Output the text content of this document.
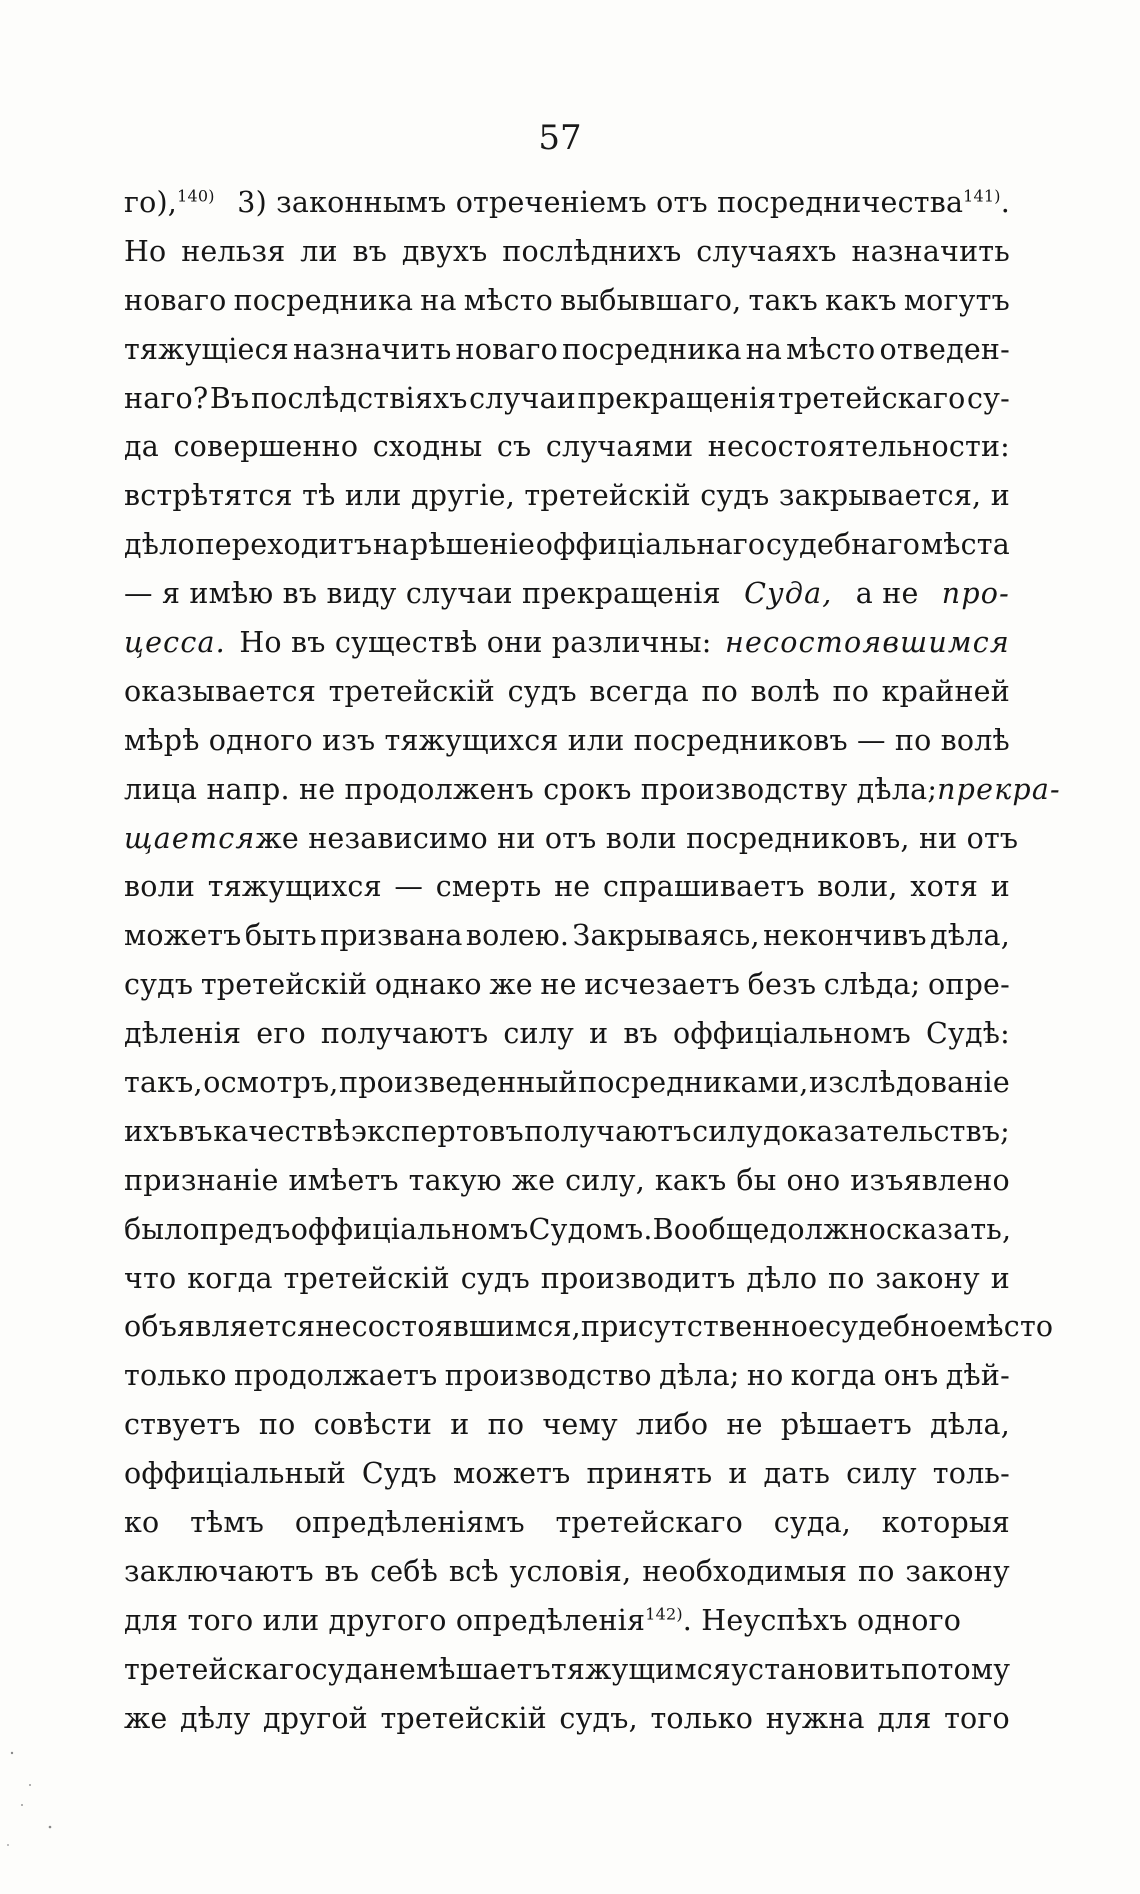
57
го),$^{140)}$ 3) законнымъ отреченіемъ отъ посредничества$^{141)}$.
Но нельзя ли въ двухъ послѣднихъ случаяхъ назначить
новаго посредника на мѣсто выбывшаго, такъ какъ могутъ
тяжущіеся назначить новаго посредника на мѣсто отведен-
наго? Въ послѣдствіяхъ случаи прекращенія третейскаго су-
да совершенно сходны съ случаями несостоятельности:
встрѣтятся тѣ или другіе, третейскій судъ закрывается, и
дѣло переходитъ на рѣшеніе оффиціальнаго судебнаго мѣста
— я имѣю въ виду случаи прекращенія Суда, а не про-
цесса. Но въ существѣ они различны: несостоявшимся
оказывается третейскій судъ всегда по волѣ по крайней
мѣрѣ одного изъ тяжущихся или посредниковъ — по волѣ
лица напр. не продолженъ срокъ производству дѣла; прекра-
щается же независимо ни отъ воли посредниковъ, ни отъ
воли тяжущихся — смерть не спрашиваетъ воли, хотя и
можетъ быть призвана волею. Закрываясь, некончивъ дѣла,
судъ третейскій однако же не исчезаетъ безъ слѣда; опре-
дѣленія его получаютъ силу и въ оффиціальномъ Судѣ:
такъ, осмотръ, произведенный посредниками, изслѣдованіе
ихъ въ качествѣ экспертовъ получаютъ силу доказательствъ;
признаніе имѣетъ такую же силу, какъ бы оно изъявлено
было предъ оффиціальномъ Судомъ. Вообще должно сказать,
что когда третейскій судъ производитъ дѣло по закону и
объявляется несостоявшимся, присутственное судебное мѣсто
только продолжаетъ производство дѣла; но когда онъ дѣй-
ствуетъ по совѣсти и по чему либо не рѣшаетъ дѣла,
оффиціальный Судъ можетъ принять и дать силу толь-
ко тѣмъ опредѣленіямъ третейскаго суда, которыя
заключаютъ въ себѣ всѣ условія, необходимыя по закону
для того или другого опредѣленія$^{142)}$. Неуспѣхъ одного
третейскаго суда не мѣшаетъ тяжущимся установить по тому
же дѣлу другой третейскій судъ, только нужна для того
